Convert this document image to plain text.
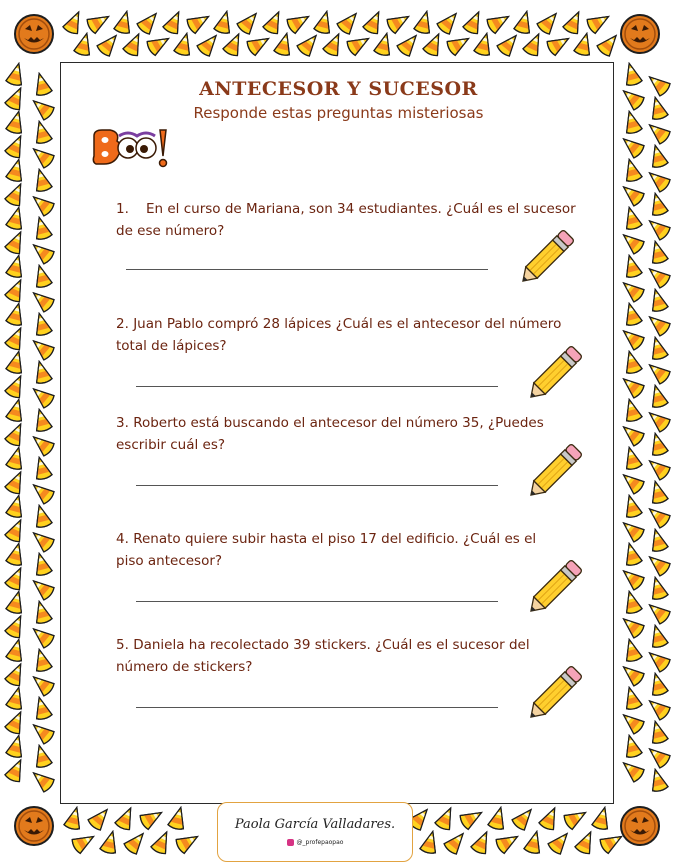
ANTECESOR Y SUCESOR
Responde estas preguntas misteriosas
1. En el curso de Mariana, son 34 estudiantes. ¿Cuál es el sucesor de ese número?
2. Juan Pablo compró 28 lápices ¿Cuál es el antecesor del número total de lápices?
3. Roberto está buscando el antecesor del número 35, ¿Puedes escribir cuál es?
4. Renato quiere subir hasta el piso 17 del edificio. ¿Cuál es el piso antecesor?
5. Daniela ha recolectado 39 stickers. ¿Cuál es el sucesor del número de stickers?
Paola García Valladares.
@_profepaopao
